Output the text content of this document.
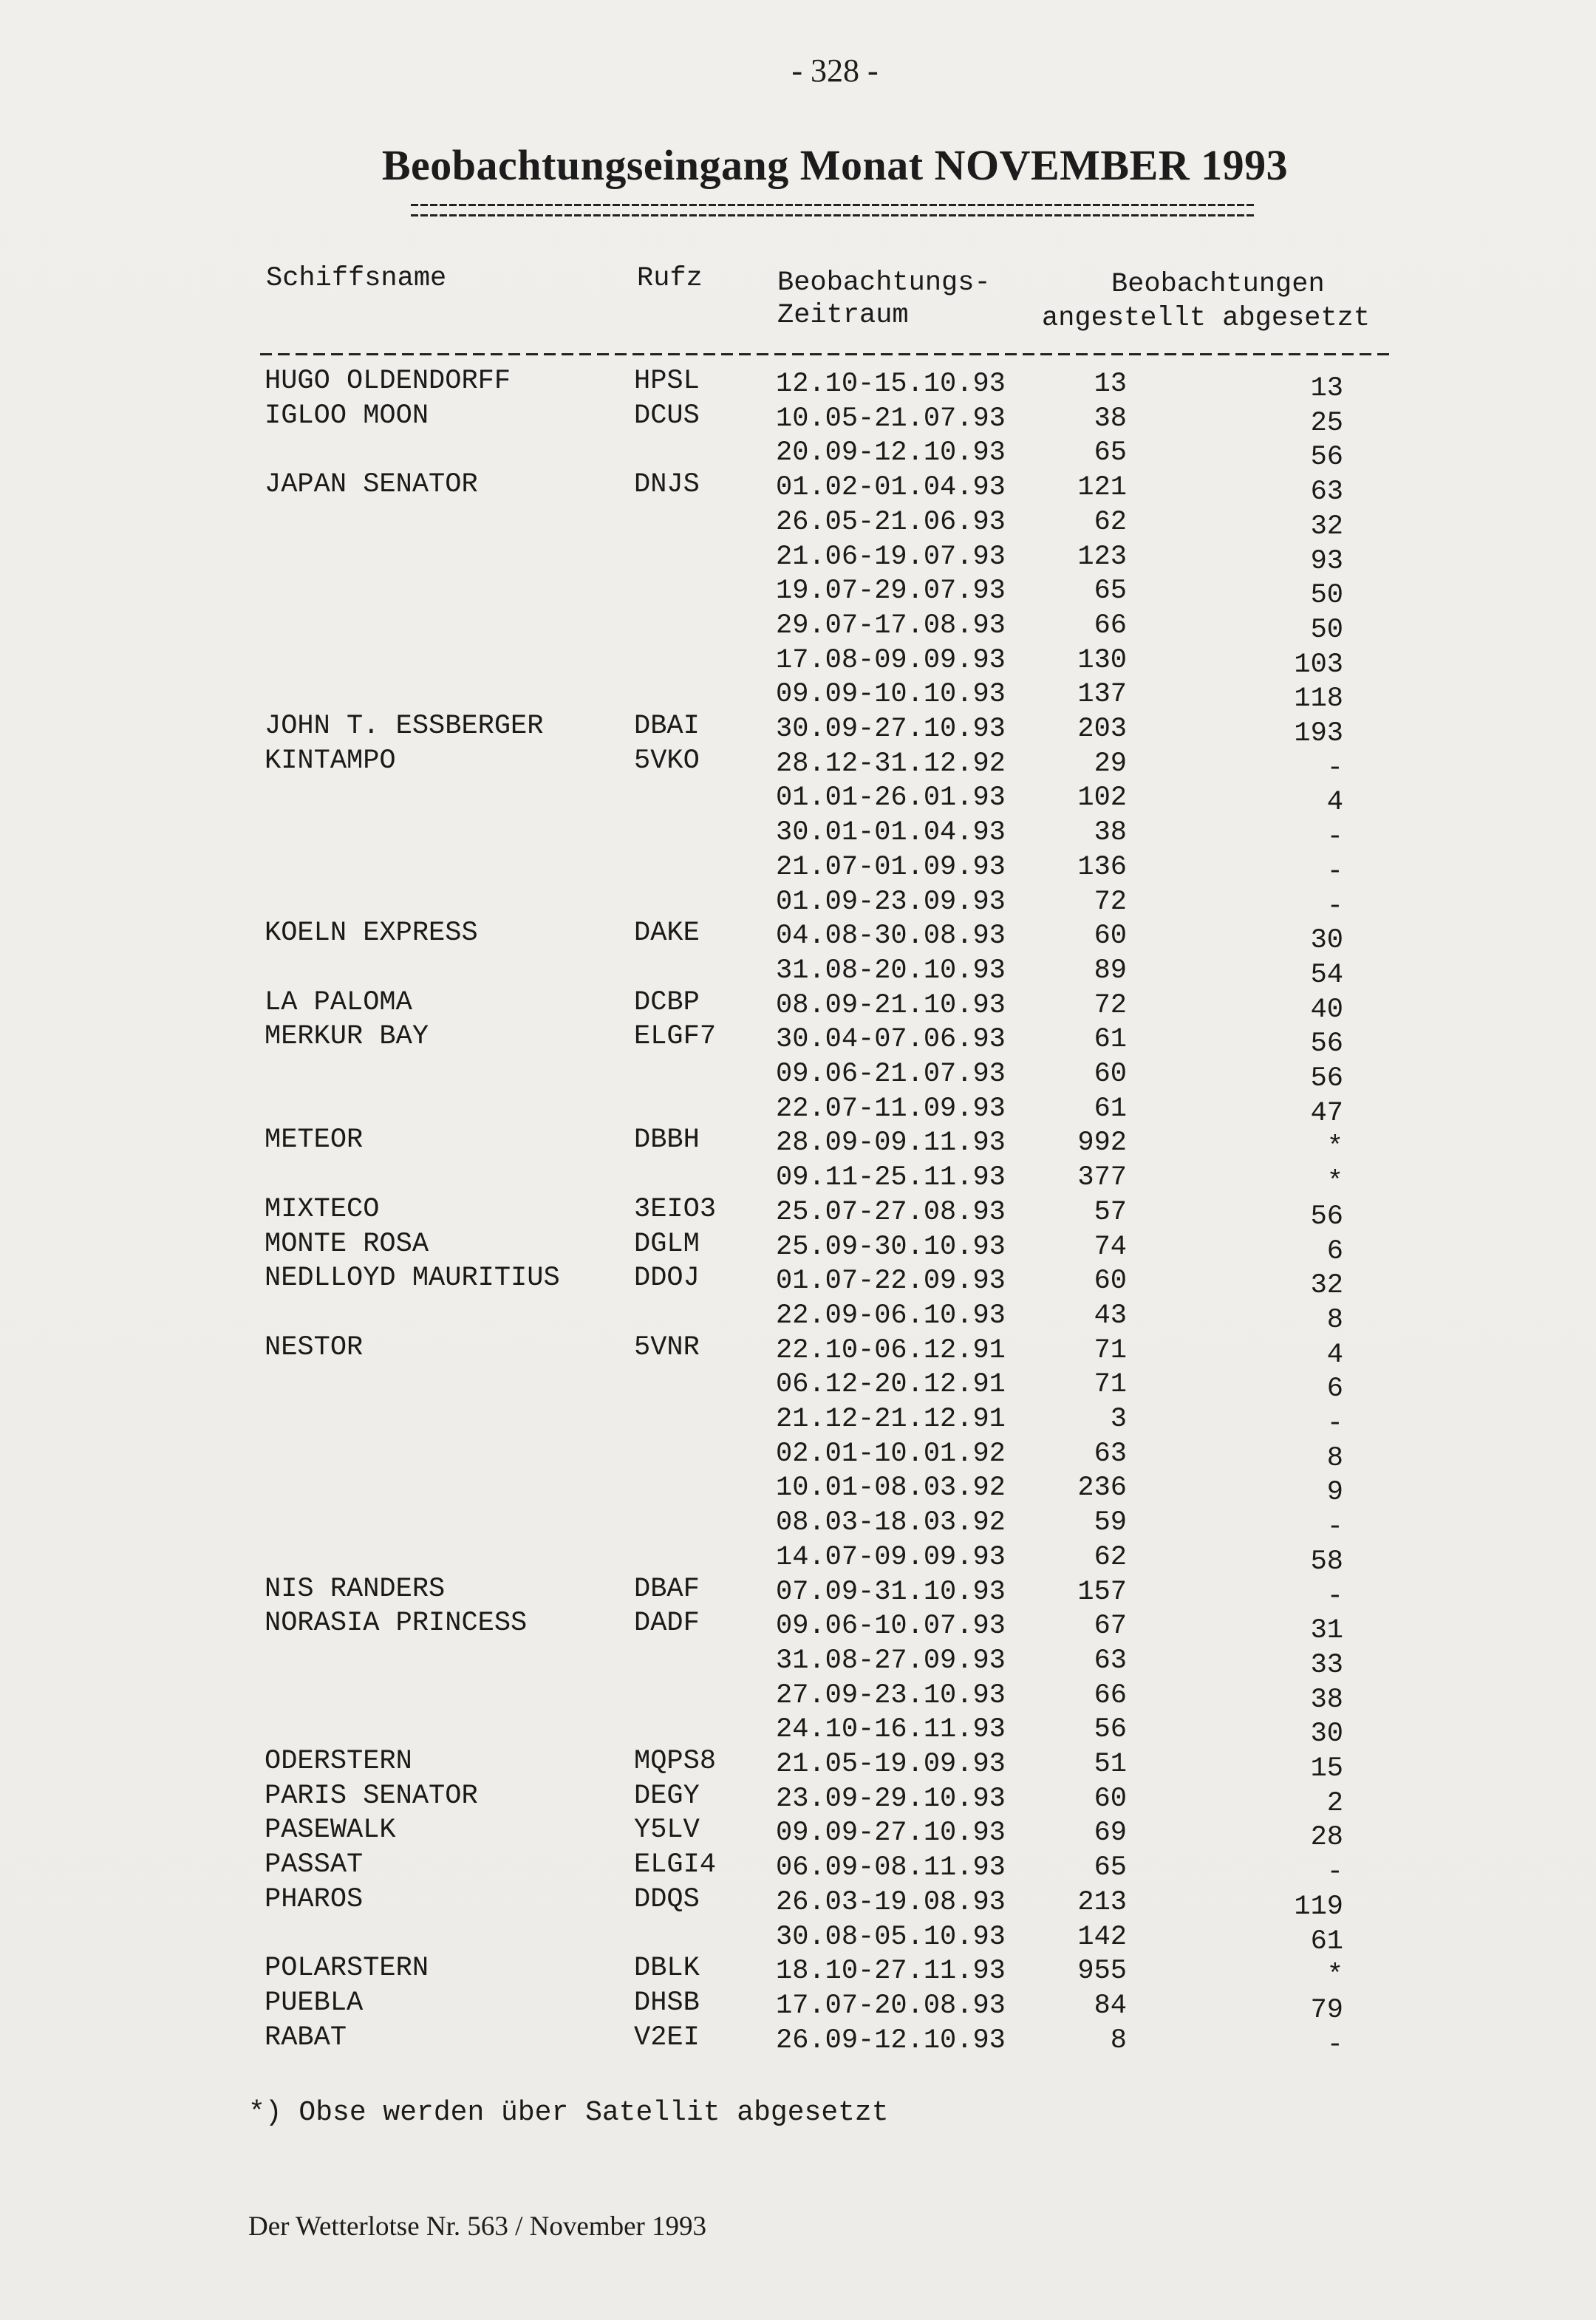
- 328 -
Beobachtungseingang Monat NOVEMBER 1993
Schiffsname	Rufz	Beobachtungs-
Zeitraum
Beobachtungen
angestellt abgesetzt
HUGO OLDENDORFF	HPSL	12.10-15.10.93	13	13
IGLOO MOON	DCUS	10.05-21.07.93	38	25
20.09-12.10.93	65	56
JAPAN SENATOR	DNJS	01.02-01.04.93	121	63
26.05-21.06.93	62	32
21.06-19.07.93	123	93
19.07-29.07.93	65	50
29.07-17.08.93	66	50
17.08-09.09.93	130	103
09.09-10.10.93	137	118
JOHN T. ESSBERGER	DBAI	30.09-27.10.93	203	193
KINTAMPO	5VKO	28.12-31.12.92	29	-
01.01-26.01.93	102	4
30.01-01.04.93	38	-
21.07-01.09.93	136	-
01.09-23.09.93	72	-
KOELN EXPRESS	DAKE	04.08-30.08.93	60	30
31.08-20.10.93	89	54
LA PALOMA	DCBP	08.09-21.10.93	72	40
MERKUR BAY	ELGF7 30.04-07.06.93	61	56
09.06-21.07.93	60	56
22.07-11.09.93	61	47
METEOR	DBBH	28.09-09.11.93	992	*
09.11-25.11.93	377	*
MIXTECO	3EIO3 25.07-27.08.93	57	56
MONTE ROSA	DGLM	25.09-30.10.93	74	6
NEDLLOYD MAURITIUS	DDOJ	01.07-22.09.93	60	32
22.09-06.10.93	43	8
NESTOR	5VNR	22.10-06.12.91	71	4
06.12-20.12.91	71	6
21.12-21.12.91	3	-
02.01-10.01.92	63	8
10.01-08.03.92	236	9
08.03-18.03.92	59	-
14.07-09.09.93	62	58
NIS RANDERS	DBAF	07.09-31.10.93	157	-
NORASIA PRINCESS	DADF	09.06-10.07.93	67	31
31.08-27.09.93	63	33
27.09-23.10.93	66	38
24.10-16.11.93	56	30
ODERSTERN	MQPS8 21.05-19.09.93	51	15
PARIS SENATOR	DEGY	23.09-29.10.93	60	2
PASEWALK	Y5LV	09.09-27.10.93	69	28
PASSAT	ELGI4 06.09-08.11.93	65	-
PHAROS	DDQS	26.03-19.08.93	213	119
30.08-05.10.93	142	61
POLARSTERN	DBLK	18.10-27.11.93	955	*
PUEBLA	DHSB	17.07-20.08.93	84	79
RABAT	V2EI	26.09-12.10.93	8	-
*) Obse werden über Satellit abgesetzt
Der Wetterlotse Nr. 563 / November 1993
